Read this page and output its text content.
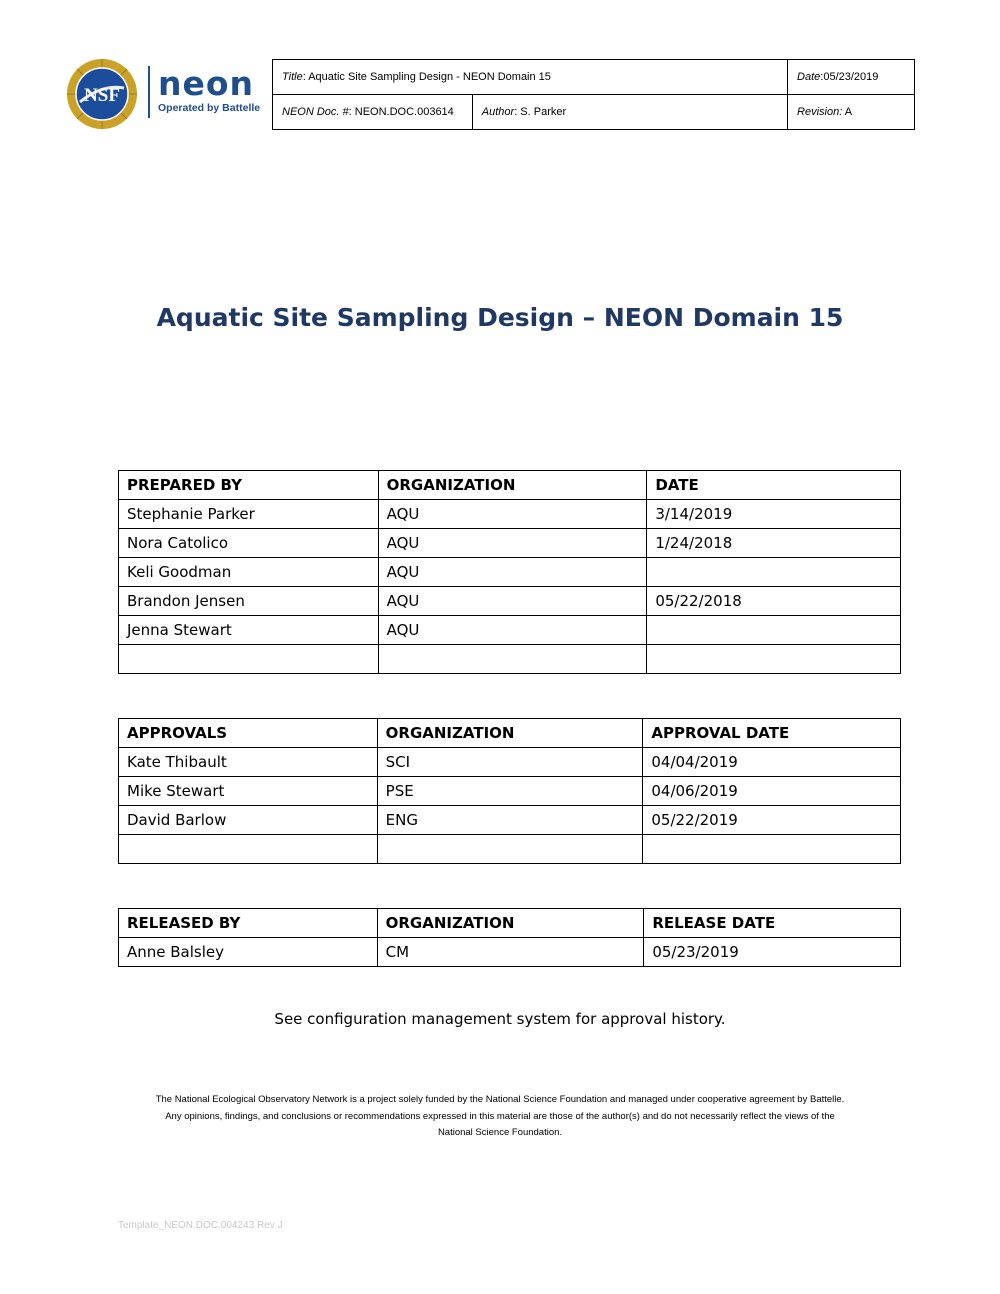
NSF neon
Operated by Battelle
Title: Aquatic Site Sampling Design - NEON Domain 15		Date:05/23/2019
NEON Doc. #: NEON.DOC.003614	Author: S. Parker	Revision: A
Aquatic Site Sampling Design – NEON Domain 15
PREPARED BY	ORGANIZATION	DATE
Stephanie Parker	AQU	3/14/2019
Nora Catolico	AQU	1/24/2018
Keli Goodman	AQU	
Brandon Jensen	AQU	05/22/2018
Jenna Stewart	AQU	

APPROVALS	ORGANIZATION	APPROVAL DATE
Kate Thibault	SCI	04/04/2019
Mike Stewart	PSE	04/06/2019
David Barlow	ENG	05/22/2019

RELEASED BY	ORGANIZATION	RELEASE DATE
Anne Balsley	CM	05/23/2019
See configuration management system for approval history.
The National Ecological Observatory Network is a project solely funded by the National Science Foundation and managed under cooperative agreement by Battelle.
Any opinions, findings, and conclusions or recommendations expressed in this material are those of the author(s) and do not necessarily reflect the views of the
National Science Foundation.
Template_NEON.DOC.004243 Rev J
